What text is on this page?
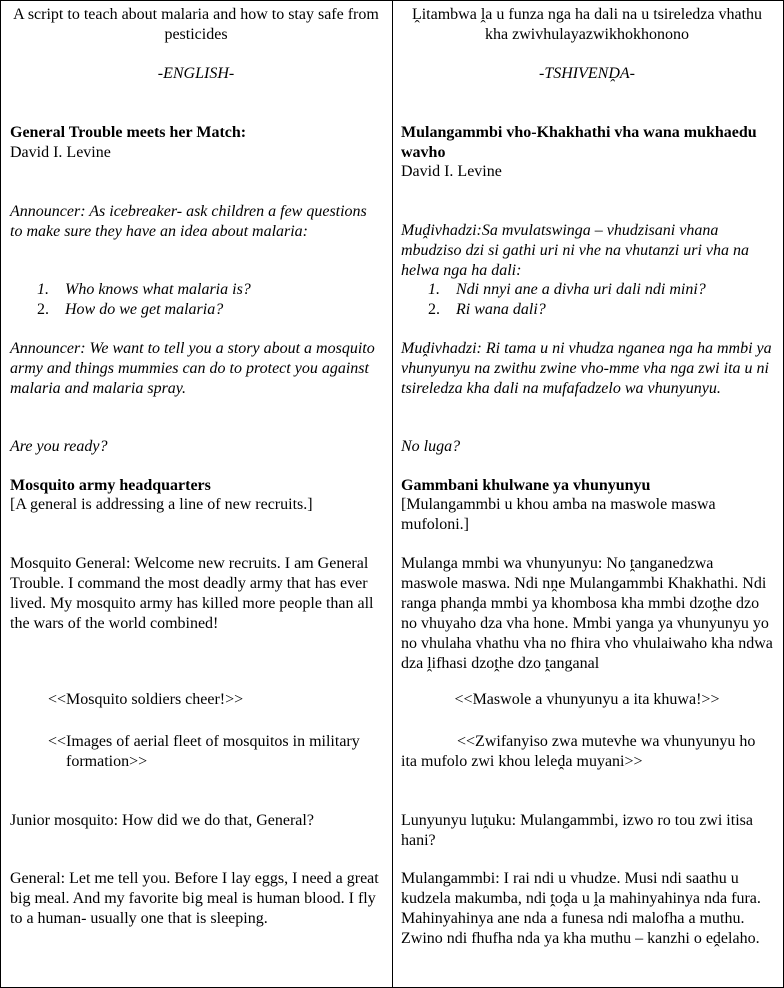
A script to teach about malaria and how to stay safe from pesticides
-ENGLISH-
General Trouble meets her Match:
David I. Levine
Announcer: As icebreaker- ask children a few questions to make sure they have an idea about malaria:
1. Who knows what malaria is?
2. How do we get malaria?
Announcer: We want to tell you a story about a mosquito army and things mummies can do to protect you against malaria and malaria spray.
Are you ready?
Mosquito army headquarters
[A general is addressing a line of new recruits.]
Mosquito General: Welcome new recruits. I am General Trouble. I command the most deadly army that has ever lived. My mosquito army has killed more people than all the wars of the world combined!
<<Mosquito soldiers cheer!>>
<<Images of aerial fleet of mosquitos in military
formation>>
Junior mosquito: How did we do that, General?
General: Let me tell you. Before I lay eggs, I need a great big meal. And my favorite big meal is human blood. I fly to a human- usually one that is sleeping.
Ḽitambwa ḽa u funza nga ha dali na u tsireledza vhathu kha zwivhulayazwikhokhonono
-TSHIVENḒA-
Mulangammbi vho-Khakhathi vha wana mukhaedu wavho
David I. Levine
Muḓivhadzi:Sa mvulatswinga – vhudzisani vhana mbudziso dzi si gathi uri ni vhe na vhutanzi uri vha na helwa nga ha dali:
1. Ndi nnyi ane a divha uri dali ndi mini?
2. Ri wana dali?
Muḓivhadzi: Ri tama u ni vhudza nganea nga ha mmbi ya vhunyunyu na zwithu zwine vho-mme vha nga zwi ita u ni tsireledza kha dali na mufafadzelo wa vhunyunyu.
No luga?
Gammbani khulwane ya vhunyunyu
[Mulangammbi u khou amba na maswole maswa mufoloni.]
Mulanga mmbi wa vhunyunyu: No ṱanganedzwa maswole maswa. Ndi nṋe Mulangammbi Khakhathi. Ndi ranga phanḓa mmbi ya khombosa kha mmbi dzoṱhe dzo no vhuyaho dza vha hone. Mmbi yanga ya vhunyunyu yo no vhulaha vhathu vha no fhira vho vhulaiwaho kha ndwa dza ḽifhasi dzoṱhe dzo ṱanganal
<<Maswole a vhunyunyu a ita khuwa!>>
<<Zwifanyiso zwa mutevhe wa vhunyunyu ho ita mufolo zwi khou leleḓa muyani>>
Lunyunyu luṱuku: Mulangammbi, izwo ro tou zwi itisa hani?
Mulangammbi: I rai ndi u vhudze. Musi ndi saathu u kudzela makumba, ndi ṱoḓa u ḽa mahinyahinya nda fura. Mahinyahinya ane nda a funesa ndi malofha a muthu. Zwino ndi fhufha nda ya kha muthu – kanzhi o eḓelaho.
